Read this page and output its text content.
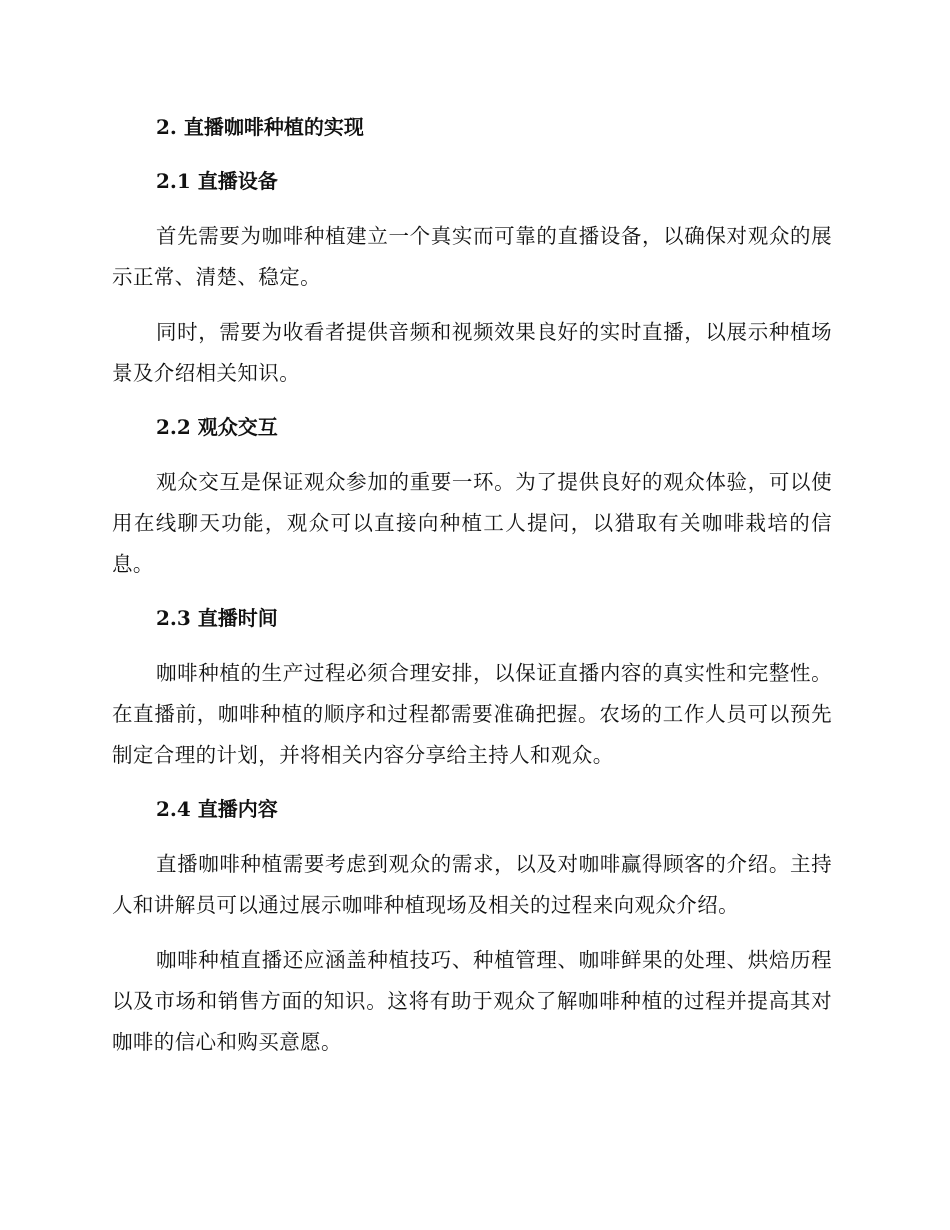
2. 直播咖啡种植的实现
2.1 直播设备

首先需要为咖啡种植建立一个真实而可靠的直播设备，以确保对观众的展示正常、清楚、稳定。

同时，需要为收看者提供音频和视频效果良好的实时直播，以展示种植场景及介绍相关知识。

2.2 观众交互

观众交互是保证观众参加的重要一环。为了提供良好的观众体验，可以使用在线聊天功能，观众可以直接向种植工人提问，以猎取有关咖啡栽培的信息。

2.3 直播时间

咖啡种植的生产过程必须合理安排，以保证直播内容的真实性和完整性。在直播前，咖啡种植的顺序和过程都需要准确把握。农场的工作人员可以预先制定合理的计划，并将相关内容分享给主持人和观众。

2.4 直播内容

直播咖啡种植需要考虑到观众的需求，以及对咖啡赢得顾客的介绍。主持人和讲解员可以通过展示咖啡种植现场及相关的过程来向观众介绍。

咖啡种植直播还应涵盖种植技巧、种植管理、咖啡鲜果的处理、烘焙历程以及市场和销售方面的知识。这将有助于观众了解咖啡种植的过程并提高其对咖啡的信心和购买意愿。
